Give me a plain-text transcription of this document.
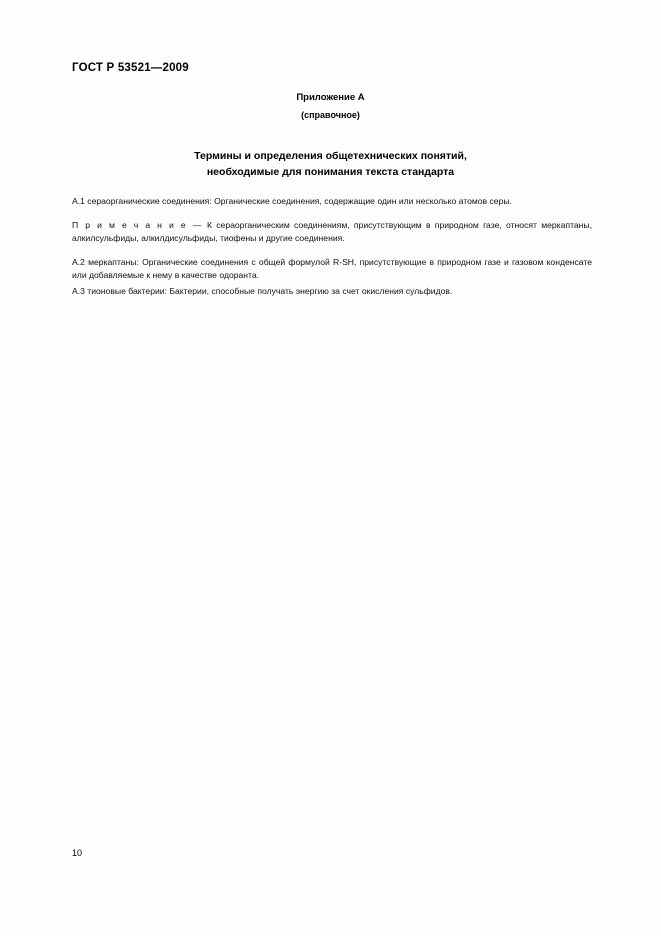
ГОСТ Р 53521—2009
Приложение А
(справочное)
Термины и определения общетехнических понятий,
необходимые для понимания текста стандарта

А.1 сераорганические соединения: Органические соединения, содержащие один или несколько атомов серы.

П р и м е ч а н и е — К сераорганическим соединениям, присутствующим в природном газе, относят меркаптаны, алкилсульфиды, алкилдисульфиды, тиофены и другие соединения.

А.2 меркаптаны: Органические соединения с общей формулой R-SH, присутствующие в природном газе и газовом конденсате или добавляемые к нему в качестве одоранта.

А.3 тионовые бактерии: Бактерии, способные получать энергию за счет окисления сульфидов.

10
